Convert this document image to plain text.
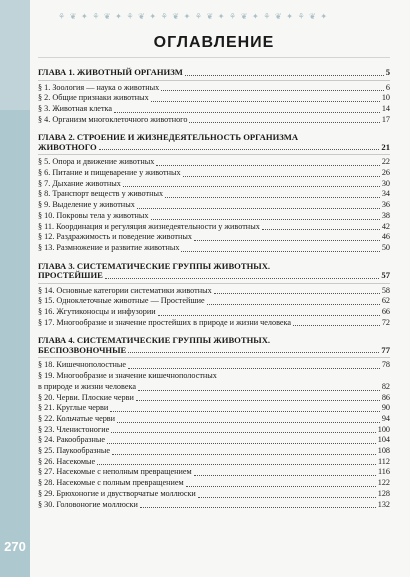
⚘ ❦ ✦ ⚘ ❦ ✦ ⚘ ❦ ✦ ⚘ ❦ ✦ ⚘ ❦ ✦ ⚘ ❦ ✦ ⚘ ❦ ✦ ⚘ ❦ ✦
270
ОГЛАВЛЕНИЕ
ГЛАВА 1. ЖИВОТНЫЙ ОРГАНИЗМ	5
§ 1. Зоология — наука о животных	6
§ 2. Общие признаки животных	10
§ 3. Животная клетка	14
§ 4. Организм многоклеточного животного	17
ГЛАВА 2. СТРОЕНИЕ И ЖИЗНЕДЕЯТЕЛЬНОСТЬ ОРГАНИЗМА
ЖИВОТНОГО	21
§ 5. Опора и движение животных	22
§ 6. Питание и пищеварение у животных	26
§ 7. Дыхание животных	30
§ 8. Транспорт веществ у животных	34
§ 9. Выделение у животных	36
§ 10. Покровы тела у животных	38
§ 11. Координация и регуляция жизнедеятельности у животных	42
§ 12. Раздражимость и поведение животных	46
§ 13. Размножение и развитие животных	50
ГЛАВА 3. СИСТЕМАТИЧЕСКИЕ ГРУППЫ ЖИВОТНЫХ.
ПРОСТЕЙШИЕ	57
§ 14. Основные категории систематики животных	58
§ 15. Одноклеточные животные — Простейшие	62
§ 16. Жгутиконосцы и инфузории	66
§ 17. Многообразие и значение простейших в природе и жизни человека	72
ГЛАВА 4. СИСТЕМАТИЧЕСКИЕ ГРУППЫ ЖИВОТНЫХ.
БЕСПОЗВОНОЧНЫЕ	77
§ 18. Кишечнополостные	78
§ 19. Многообразие и значение кишечнополостных
в природе и жизни человека	82
§ 20. Черви. Плоские черви	86
§ 21. Круглые черви	90
§ 22. Кольчатые черви	94
§ 23. Членистоногие	100
§ 24. Ракообразные	104
§ 25. Паукообразные	108
§ 26. Насекомые	112
§ 27. Насекомые с неполным превращением	116
§ 28. Насекомые с полным превращением	122
§ 29. Брюхоногие и двустворчатые моллюски	128
§ 30. Головоногие моллюски	132
